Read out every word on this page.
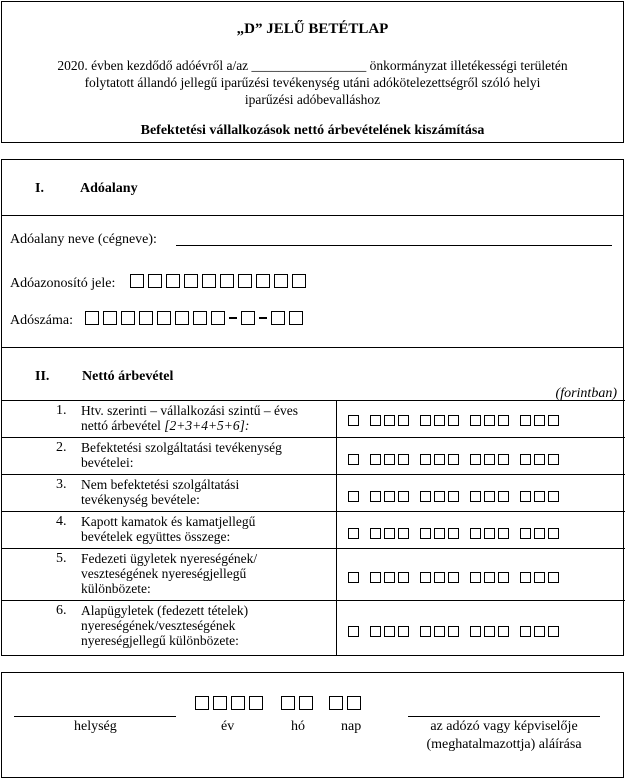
„D” JELŰ BETÉTLAP
2020. évben kezdődő adóévről a/az _________________ önkormányzat illetékességi területén
folytatott állandó jellegű iparűzési tevékenység utáni adókötelezettségről szóló helyi
iparűzési adóbevalláshoz
Befektetési vállalkozások nettó árbevételének kiszámítása
I.	Adóalany
Adóalany neve (cégneve):
Adóazonosító jele:
Adószáma:
II. Nettó árbevétel
(forintban)
1. Htv. szerinti – vállalkozási szintű – éves
nettó árbevétel [2+3+4+5+6]:
2. Befektetési szolgáltatási tevékenység
bevételei:
3. Nem befektetési szolgáltatási
tevékenység bevétele:
4. Kapott kamatok és kamatjellegű
bevételek együttes összege:
5. Fedezeti ügyletek nyereségének/
veszteségének nyereségjellegű
különbözete:
6. Alapügyletek (fedezett tételek)
nyereségének/veszteségének
nyereségjellegű különbözete:
helység	év	hó	nap	az adózó vagy képviselője
(meghatalmazottja) aláírása
